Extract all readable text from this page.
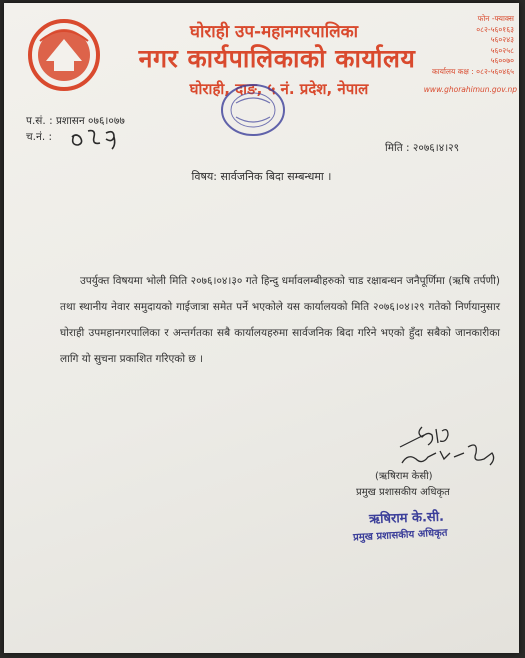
घोराही उप-महानगरपालिका
नगर कार्यपालिकाको कार्यालय
घोराही, दाङ, ५ नं. प्रदेश, नेपाल
फोन -फ्याक्स
०८२-५६०१६३
५६०२४३
५६०२५८
५६००७०
कार्यालय कक्ष : ०८२-५६०४६५
www.ghorahimun.gov.np
प.सं. : प्रशासन ०७६।०७७
च.नं. :
मिति : २०७६।४।२९
विषय: सार्वजनिक बिदा सम्बन्धमा ।
उपर्युक्त विषयमा भोली मिति २०७६।०४।३० गते हिन्दु धर्मावलम्बीहरुको चाड रक्षाबन्धन जनैपूर्णिमा (ऋषि तर्पणी) तथा स्थानीय नेवार समुदायको गाईजात्रा समेत पर्ने भएकोले यस कार्यालयको मिति २०७६।०४।२९ गतेको निर्णयानुसार घोराही उपमहानगरपालिका र अन्तर्गतका सबै कार्यालयहरुमा सार्वजनिक बिदा गरिने भएको हुँदा सबैको जानकारीका लागि यो सुचना प्रकाशित गरिएको छ ।
(ऋषिराम केसी)
प्रमुख प्रशासकीय अधिकृत
ऋषिराम के.सी.
प्रमुख प्रशासकीय अधिकृत
